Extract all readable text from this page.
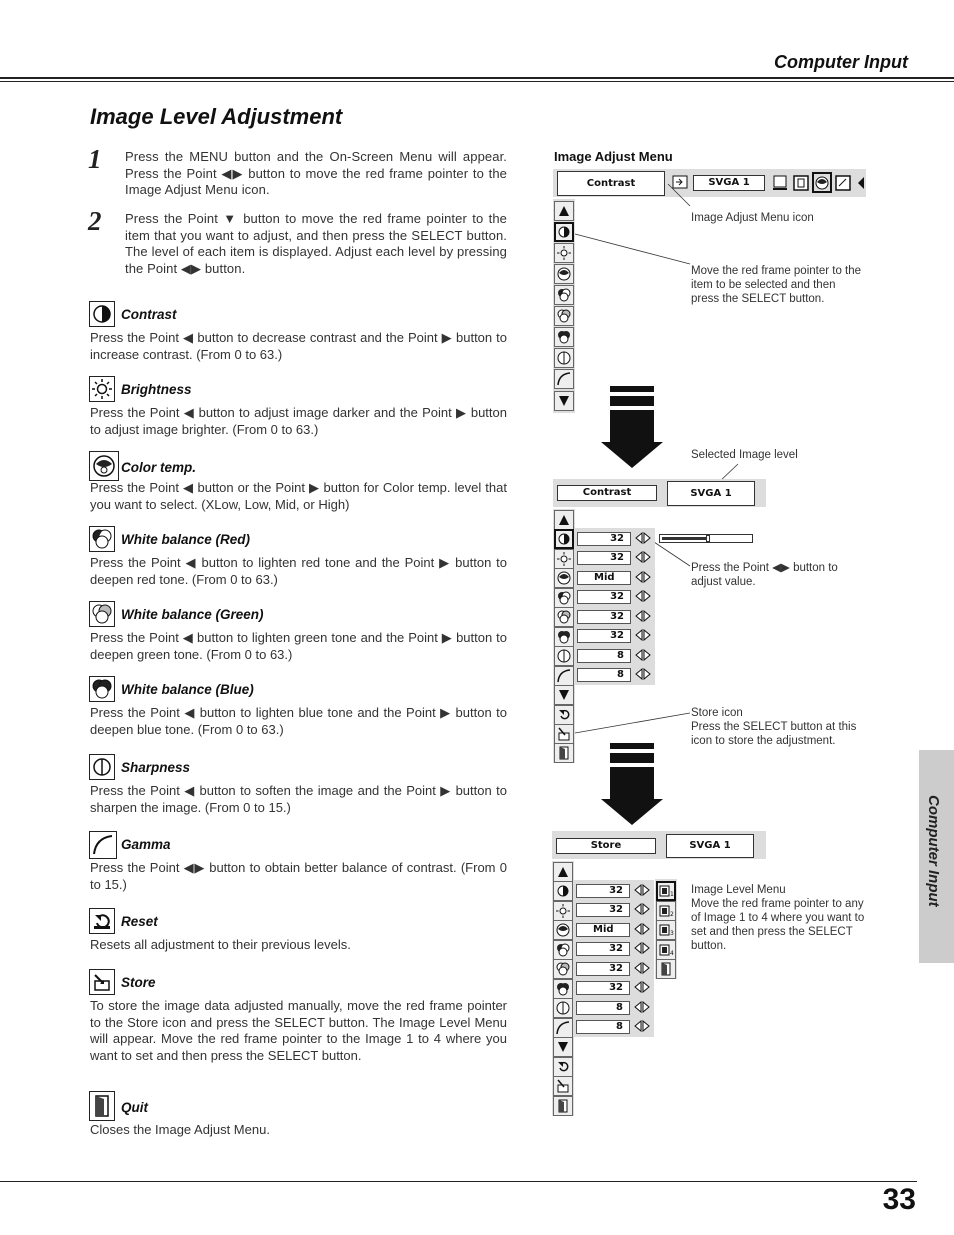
Computer Input
Image Level Adjustment
1 Press the MENU button and the On-Screen Menu will appear. Press the Point ◀▶ button to move the red frame pointer to the Image Adjust Menu icon.
2 Press the Point ▼ button to move the red frame pointer to the item that you want to adjust, and then press the SELECT button. The level of each item is displayed. Adjust each level by pressing the Point ◀▶ button.
Contrast
Press the Point ◀ button to decrease contrast and the Point ▶ button to increase contrast. (From 0 to 63.)
Brightness
Press the Point ◀ button to adjust image darker and the Point ▶ button to adjust image brighter. (From 0 to 63.)
Color temp.
Press the Point ◀ button or the Point ▶ button for Color temp. level that you want to select. (XLow, Low, Mid, or High)
White balance (Red)
Press the Point ◀ button to lighten red tone and the Point ▶ button to deepen red tone. (From 0 to 63.)
White balance (Green)
Press the Point ◀ button to lighten green tone and the Point ▶ button to deepen green tone. (From 0 to 63.)
White balance (Blue)
Press the Point ◀ button to lighten blue tone and the Point ▶ button to deepen blue tone. (From 0 to 63.)
Sharpness
Press the Point ◀ button to soften the image and the Point ▶ button to sharpen the image. (From 0 to 15.)
Gamma
Press the Point ◀▶ button to obtain better balance of contrast. (From 0 to 15.)
Reset
Resets all adjustment to their previous levels.
Store
To store the image data adjusted manually, move the red frame pointer to the Store icon and press the SELECT button. The Image Level Menu will appear. Move the red frame pointer to the Image 1 to 4 where you want to set and then press the SELECT button.
Quit
Closes the Image Adjust Menu.
Image Adjust Menu
Contrast	SVGA 1
Image Adjust Menu icon
Move the red frame pointer to the item to be selected and then press the SELECT button.
Selected Image level
Contrast	SVGA 1
32
32
Mid
32
32
32
8
8
Press the Point ◀▶ button to adjust value.
Store icon
Press the SELECT button at this icon to store the adjustment.
Store	SVGA 1
32
32
Mid
32
32
32
8
8
1
2
3
4
Image Level Menu
Move the red frame pointer to any of Image 1 to 4 where you want to set and then press the SELECT button.
Computer Input
33
